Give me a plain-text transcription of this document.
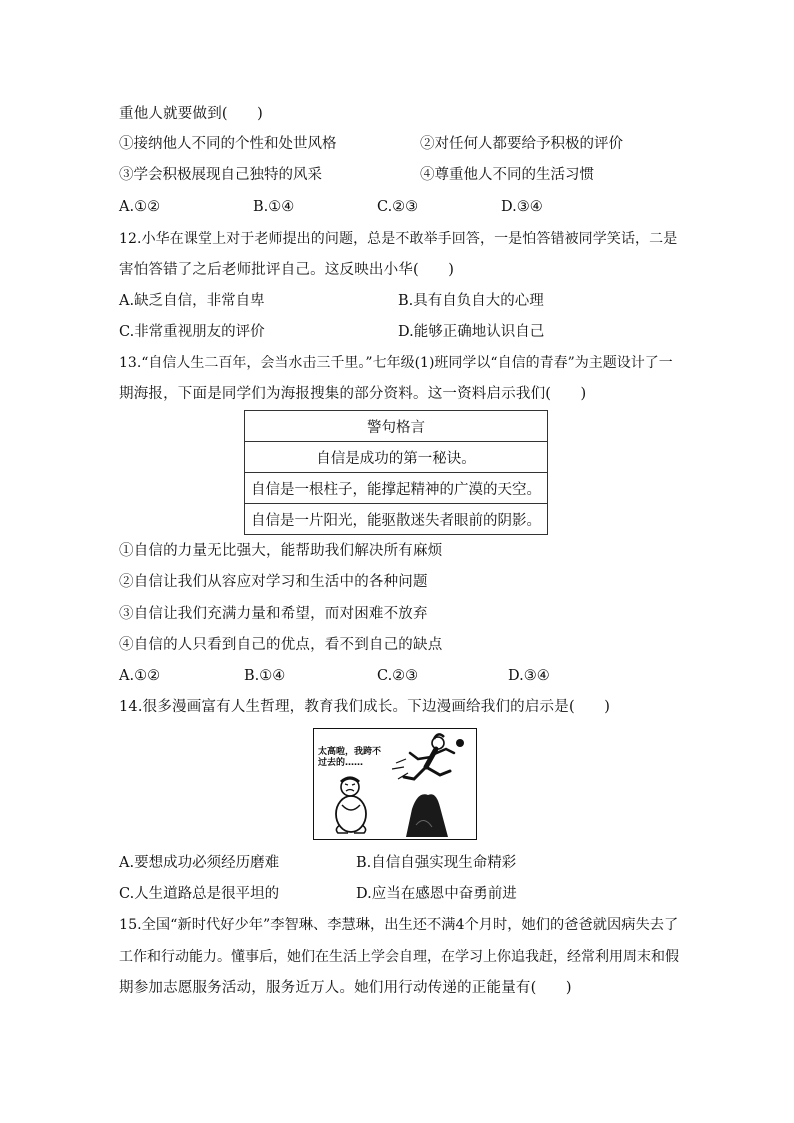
重他人就要做到(　　)
①接纳他人不同的个性和处世风格	②对任何人都要给予积极的评价
③学会积极展现自己独特的风采	④尊重他人不同的生活习惯
A.①②	B.①④	C.②③	D.③④
12.小华在课堂上对于老师提出的问题，总是不敢举手回答，一是怕答错被同学笑话，二是
害怕答错了之后老师批评自己。这反映出小华(　　)
A.缺乏自信，非常自卑	B.具有自负自大的心理
C.非常重视朋友的评价	D.能够正确地认识自己
13.“自信人生二百年，会当水击三千里。”七年级(1)班同学以“自信的青春”为主题设计了一
期海报，下面是同学们为海报搜集的部分资料。这一资料启示我们(　　)
警句格言
自信是成功的第一秘诀。
自信是一根柱子，能撑起精神的广漠的天空。
自信是一片阳光，能驱散迷失者眼前的阴影。
①自信的力量无比强大，能帮助我们解决所有麻烦
②自信让我们从容应对学习和生活中的各种问题
③自信让我们充满力量和希望，而对困难不放弃
④自信的人只看到自己的优点，看不到自己的缺点
A.①②	B.①④	C.②③	D.③④
14.很多漫画富有人生哲理，教育我们成长。下边漫画给我们的启示是(　　)
太高啦，我跨不过去的……
A.要想成功必须经历磨难	B.自信自强实现生命精彩
C.人生道路总是很平坦的	D.应当在感恩中奋勇前进
15.全国“新时代好少年”李智琳、李慧琳，出生还不满4个月时，她们的爸爸就因病失去了
工作和行动能力。懂事后，她们在生活上学会自理，在学习上你追我赶，经常利用周末和假
期参加志愿服务活动，服务近万人。她们用行动传递的正能量有(　　)
